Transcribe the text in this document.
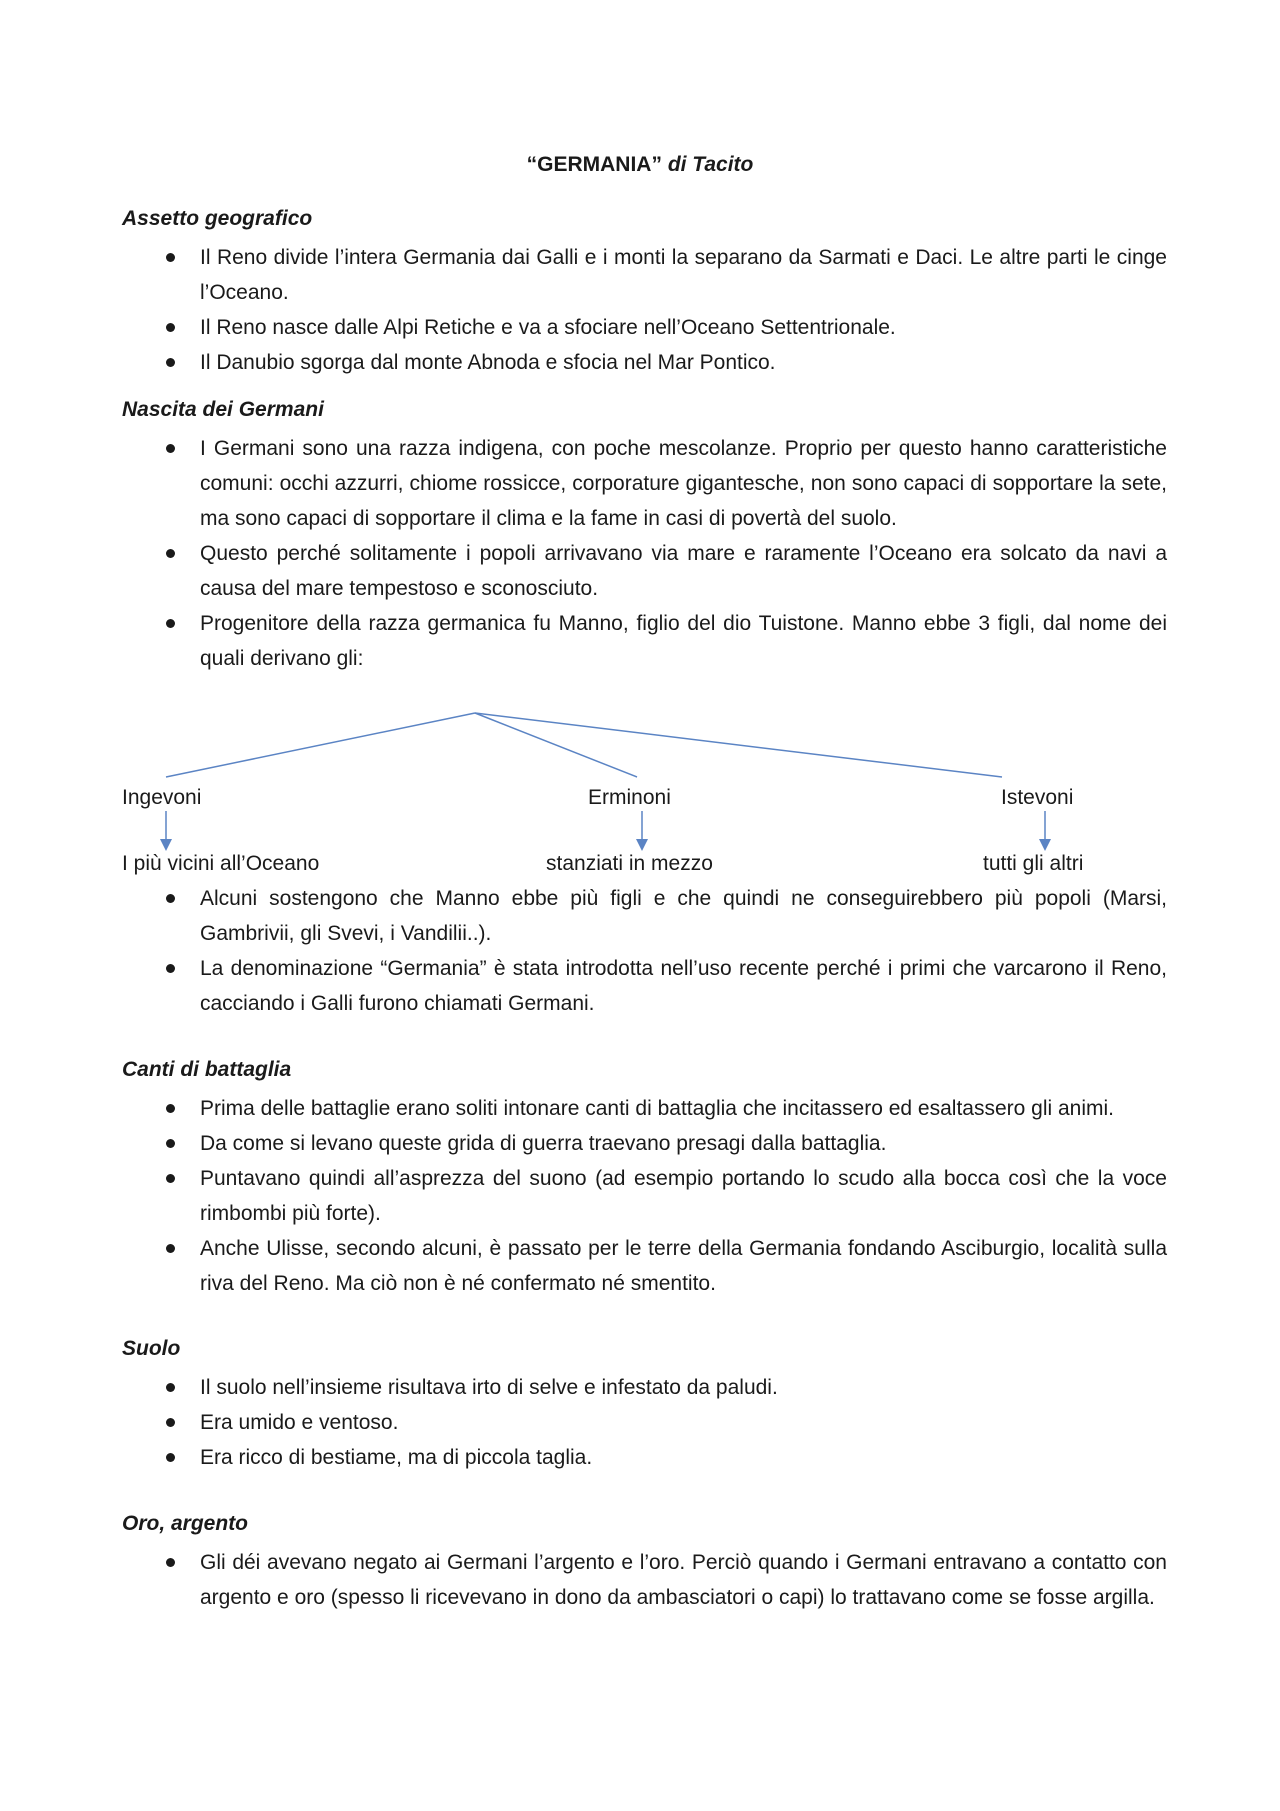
“GERMANIA” di Tacito
Assetto geografico
Il Reno divide l’intera Germania dai Galli e i monti la separano da Sarmati e Daci. Le altre parti le cinge l’Oceano.
Il Reno nasce dalle Alpi Retiche e va a sfociare nell’Oceano Settentrionale.
Il Danubio sgorga dal monte Abnoda e sfocia nel Mar Pontico.
Nascita dei Germani
I Germani sono una razza indigena, con poche mescolanze. Proprio per questo hanno caratteristiche comuni: occhi azzurri, chiome rossicce, corporature gigantesche, non sono capaci di sopportare la sete, ma sono capaci di sopportare il clima e la fame in casi di povertà del suolo.
Questo perché solitamente i popoli arrivavano via mare e raramente l’Oceano era solcato da navi a causa del mare tempestoso e sconosciuto.
Progenitore della razza germanica fu Manno, figlio del dio Tuistone. Manno ebbe 3 figli, dal nome dei quali derivano gli:
Ingevoni	Erminoni	Istevoni
I più vicini all’Oceano	stanziati in mezzo	tutti gli altri
Alcuni sostengono che Manno ebbe più figli e che quindi ne conseguirebbero più popoli (Marsi, Gambrivii, gli Svevi, i Vandilii..).
La denominazione “Germania” è stata introdotta nell’uso recente perché i primi che varcarono il Reno, cacciando i Galli furono chiamati Germani.
Canti di battaglia
Prima delle battaglie erano soliti intonare canti di battaglia che incitassero ed esaltassero gli animi.
Da come si levano queste grida di guerra traevano presagi dalla battaglia.
Puntavano quindi all’asprezza del suono (ad esempio portando lo scudo alla bocca così che la voce rimbombi più forte).
Anche Ulisse, secondo alcuni, è passato per le terre della Germania fondando Asciburgio, località sulla riva del Reno. Ma ciò non è né confermato né smentito.
Suolo
Il suolo nell’insieme risultava irto di selve e infestato da paludi.
Era umido e ventoso.
Era ricco di bestiame, ma di piccola taglia.
Oro, argento
Gli déi avevano negato ai Germani l’argento e l’oro. Perciò quando i Germani entravano a contatto con argento e oro (spesso li ricevevano in dono da ambasciatori o capi) lo trattavano come se fosse argilla.
